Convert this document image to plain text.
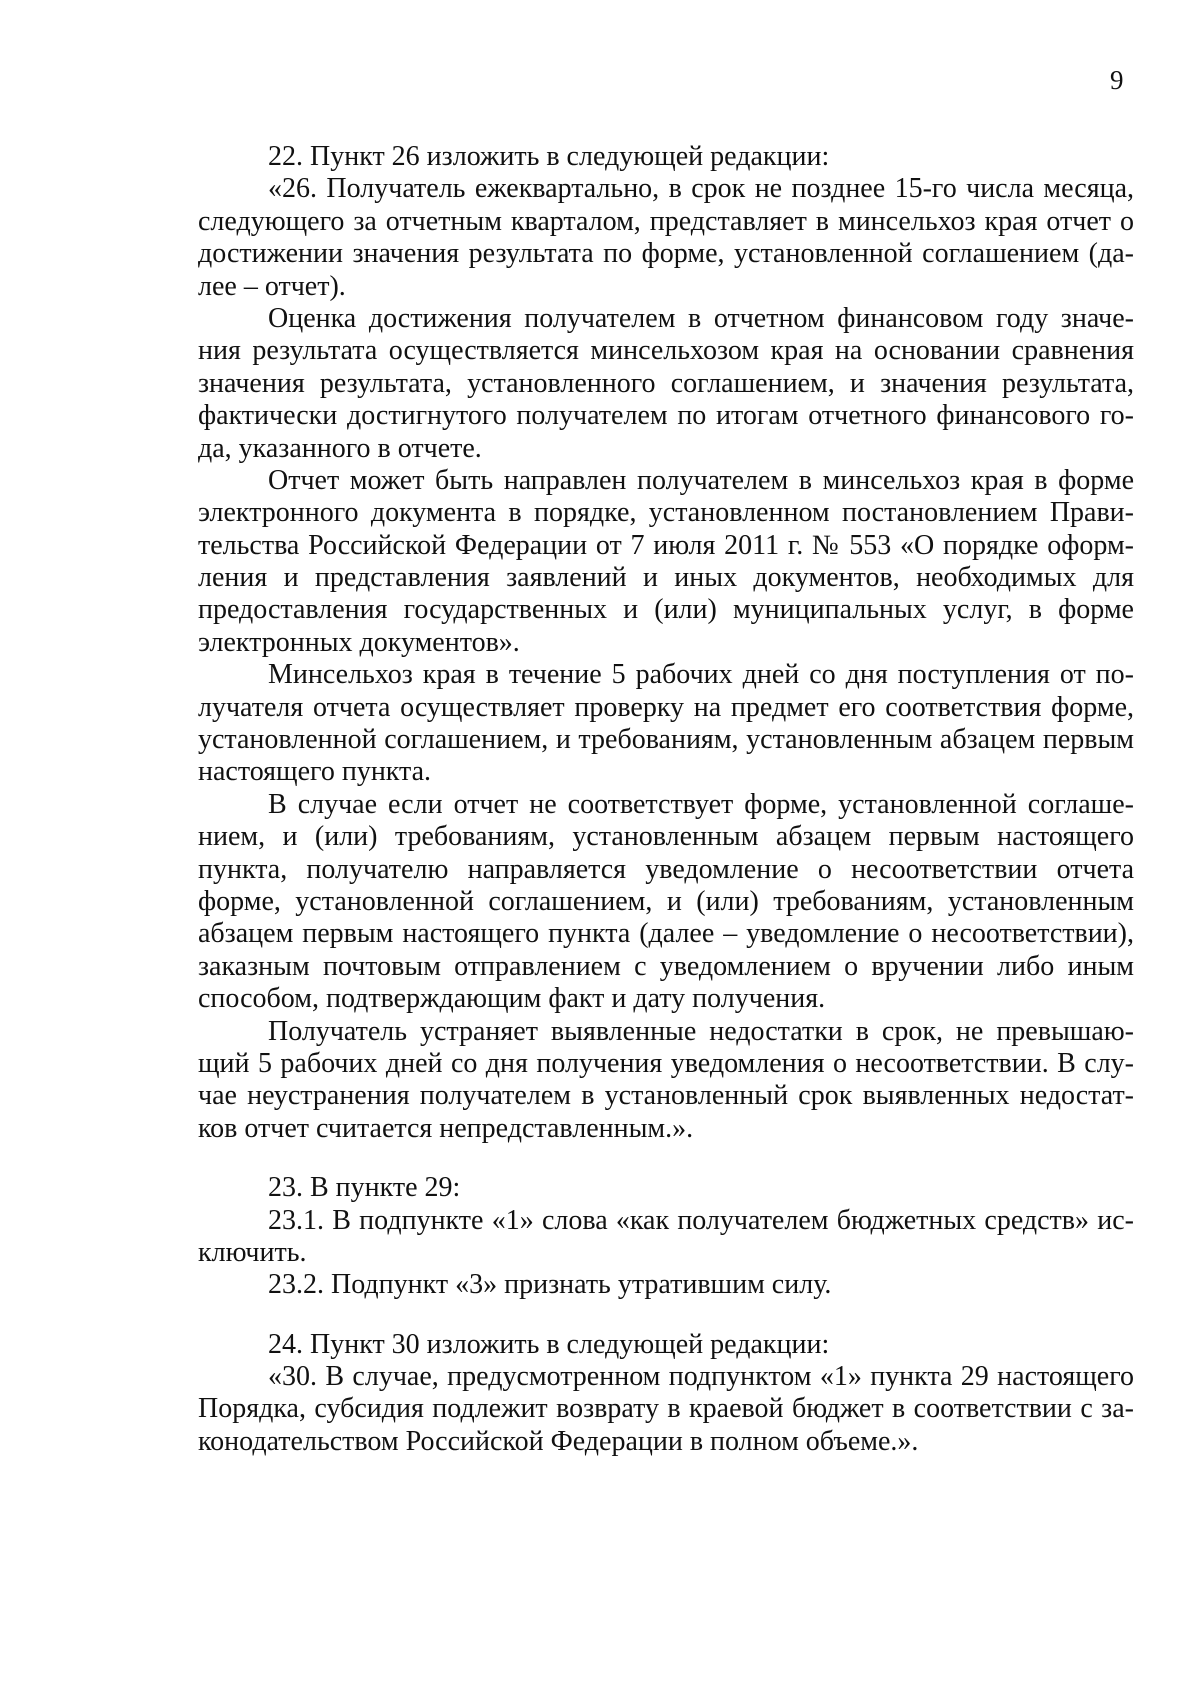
9
22. Пункт 26 изложить в следующей редакции:
«26. Получатель ежеквартально, в срок не позднее 15-го числа месяца,
следующего за отчетным кварталом, представляет в минсельхоз края отчет о
достижении значения результата по форме, установленной соглашением (да-
лее – отчет).
Оценка достижения получателем в отчетном финансовом году значе-
ния результата осуществляется минсельхозом края на основании сравнения
значения результата, установленного соглашением, и значения результата,
фактически достигнутого получателем по итогам отчетного финансового го-
да, указанного в отчете.
Отчет может быть направлен получателем в минсельхоз края в форме
электронного документа в порядке, установленном постановлением Прави-
тельства Российской Федерации от 7 июля 2011 г. № 553 «О порядке оформ-
ления и представления заявлений и иных документов, необходимых для
предоставления государственных и (или) муниципальных услуг, в форме
электронных документов».
Минсельхоз края в течение 5 рабочих дней со дня поступления от по-
лучателя отчета осуществляет проверку на предмет его соответствия форме,
установленной соглашением, и требованиям, установленным абзацем первым
настоящего пункта.
В случае если отчет не соответствует форме, установленной соглаше-
нием, и (или) требованиям, установленным абзацем первым настоящего
пункта, получателю направляется уведомление о несоответствии отчета
форме, установленной соглашением, и (или) требованиям, установленным
абзацем первым настоящего пункта (далее – уведомление о несоответствии),
заказным почтовым отправлением с уведомлением о вручении либо иным
способом, подтверждающим факт и дату получения.
Получатель устраняет выявленные недостатки в срок, не превышаю-
щий 5 рабочих дней со дня получения уведомления о несоответствии. В слу-
чае неустранения получателем в установленный срок выявленных недостат-
ков отчет считается непредставленным.».
23. В пункте 29:
23.1. В подпункте «1» слова «как получателем бюджетных средств» ис-
ключить.
23.2. Подпункт «3» признать утратившим силу.
24. Пункт 30 изложить в следующей редакции:
«30. В случае, предусмотренном подпунктом «1» пункта 29 настоящего
Порядка, субсидия подлежит возврату в краевой бюджет в соответствии с за-
конодательством Российской Федерации в полном объеме.».
